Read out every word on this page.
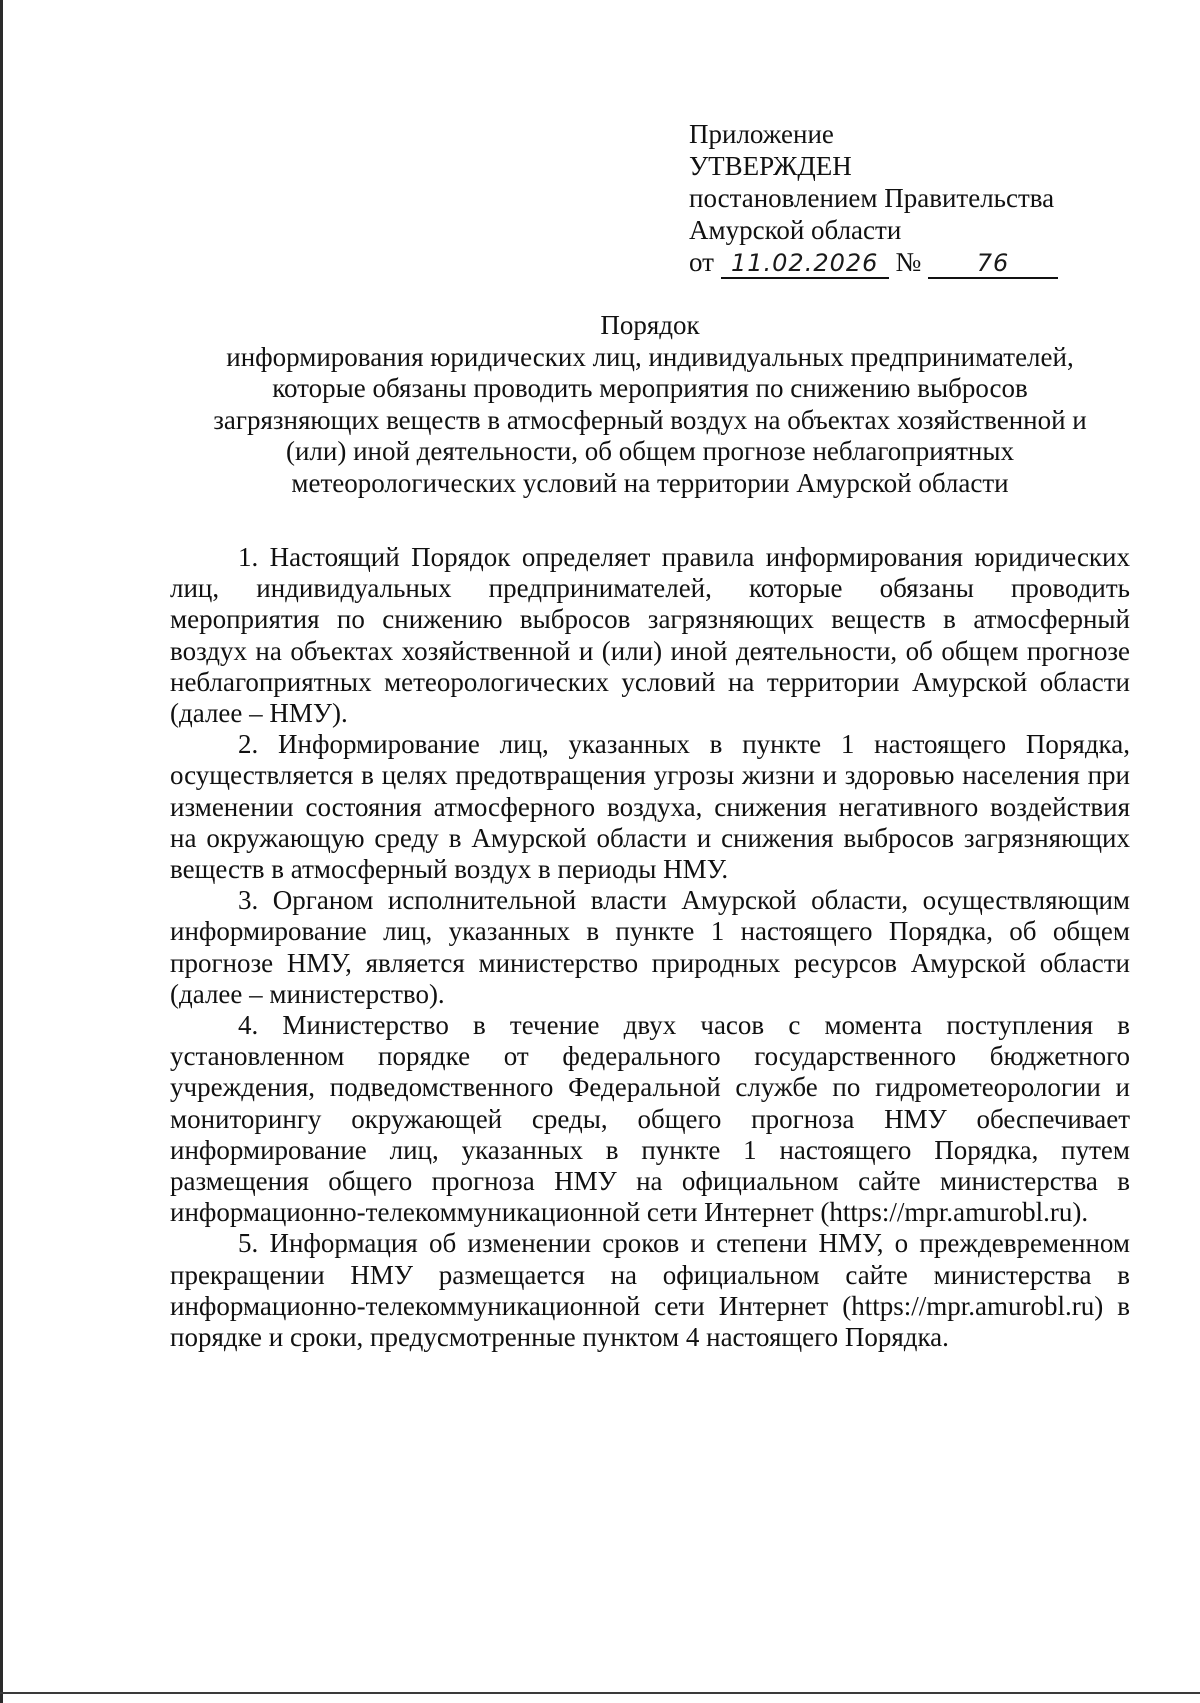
Приложение
УТВЕРЖДЕН
постановлением Правительства
Амурской области
от 11.02.2026 № 76
Порядок
информирования юридических лиц, индивидуальных предпринимателей,
которые обязаны проводить мероприятия по снижению выбросов
загрязняющих веществ в атмосферный воздух на объектах хозяйственной и
(или) иной деятельности, об общем прогнозе неблагоприятных
метеорологических условий на территории Амурской области

1. Настоящий Порядок определяет правила информирования юридических лиц, индивидуальных предпринимателей, которые обязаны проводить мероприятия по снижению выбросов загрязняющих веществ в атмосферный воздух на объектах хозяйственной и (или) иной деятельности, об общем прогнозе неблагоприятных метеорологических условий на территории Амурской области (далее – НМУ).

2. Информирование лиц, указанных в пункте 1 настоящего Порядка, осуществляется в целях предотвращения угрозы жизни и здоровью населения при изменении состояния атмосферного воздуха, снижения негативного воздействия на окружающую среду в Амурской области и снижения выбросов загрязняющих веществ в атмосферный воздух в периоды НМУ.

3. Органом исполнительной власти Амурской области, осуществляющим информирование лиц, указанных в пункте 1 настоящего Порядка, об общем прогнозе НМУ, является министерство природных ресурсов Амурской области (далее – министерство).

4. Министерство в течение двух часов с момента поступления в установленном порядке от федерального государственного бюджетного учреждения, подведомственного Федеральной службе по гидрометеорологии и мониторингу окружающей среды, общего прогноза НМУ обеспечивает информирование лиц, указанных в пункте 1 настоящего Порядка, путем размещения общего прогноза НМУ на официальном сайте министерства в информационно-телекоммуникационной сети Интернет (https://mpr.amurobl.ru).

5. Информация об изменении сроков и степени НМУ, о преждевременном прекращении НМУ размещается на официальном сайте министерства в информационно-телекоммуникационной сети Интернет (https://mpr.amurobl.ru) в порядке и сроки, предусмотренные пунктом 4 настоящего Порядка.
